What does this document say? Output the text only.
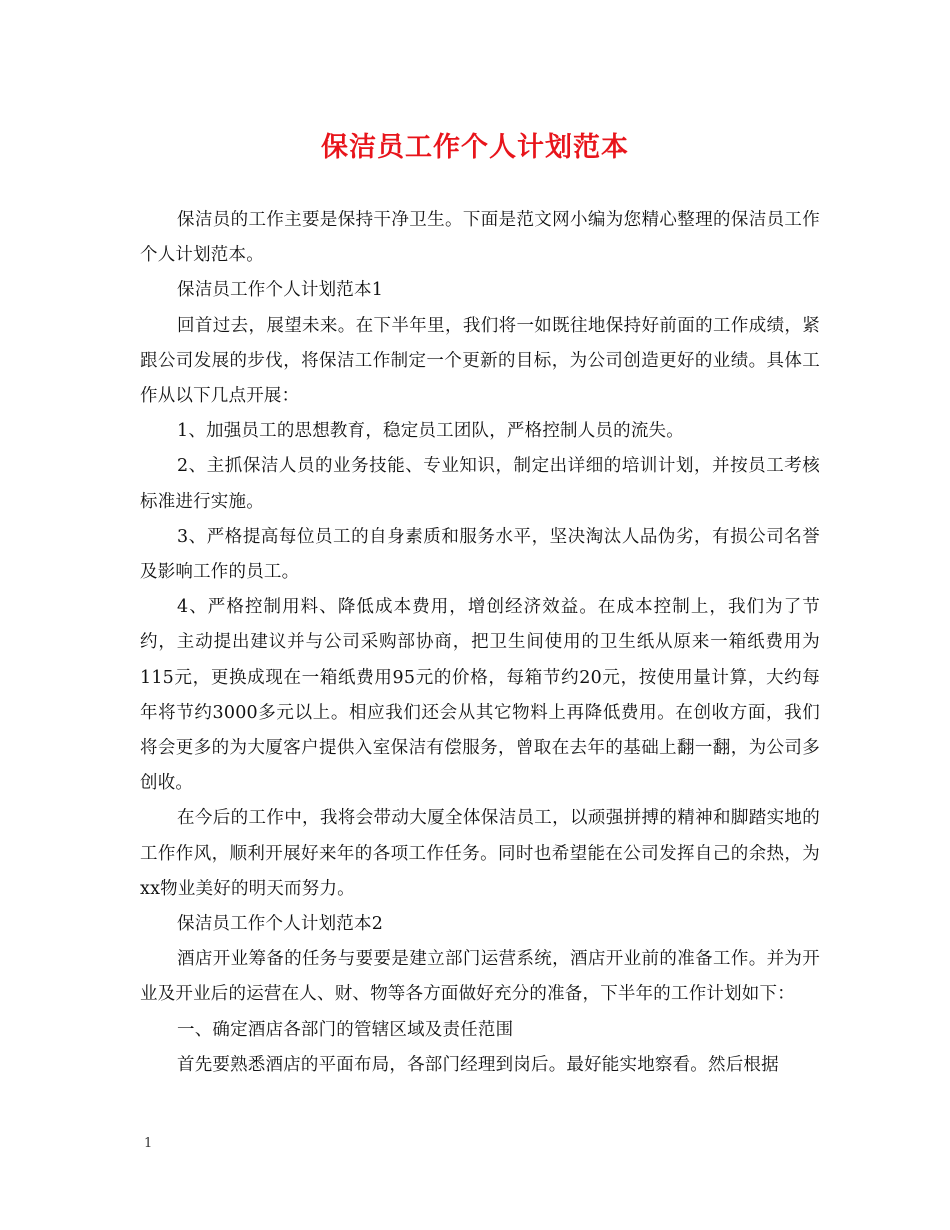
保洁员工作个人计划范本

保洁员的工作主要是保持干净卫生。下面是范文网小编为您精心整理的保洁员工作个人计划范本。

保洁员工作个人计划范本1

回首过去，展望未来。在下半年里，我们将一如既往地保持好前面的工作成绩，紧跟公司发展的步伐，将保洁工作制定一个更新的目标，为公司创造更好的业绩。具体工作从以下几点开展：

1、加强员工的思想教育，稳定员工团队，严格控制人员的流失。

2、主抓保洁人员的业务技能、专业知识，制定出详细的培训计划，并按员工考核标准进行实施。

3、严格提高每位员工的自身素质和服务水平，坚决淘汰人品伪劣，有损公司名誉及影响工作的员工。

4、严格控制用料、降低成本费用，增创经济效益。在成本控制上，我们为了节约，主动提出建议并与公司采购部协商，把卫生间使用的卫生纸从原来一箱纸费用为115元，更换成现在一箱纸费用95元的价格，每箱节约20元，按使用量计算，大约每年将节约3000多元以上。相应我们还会从其它物料上再降低费用。在创收方面，我们将会更多的为大厦客户提供入室保洁有偿服务，曾取在去年的基础上翻一翻，为公司多创收。

在今后的工作中，我将会带动大厦全体保洁员工，以顽强拼搏的精神和脚踏实地的工作作风，顺利开展好来年的各项工作任务。同时也希望能在公司发挥自己的余热，为xx物业美好的明天而努力。

保洁员工作个人计划范本2

酒店开业筹备的任务与要要是建立部门运营系统，酒店开业前的准备工作。并为开业及开业后的运营在人、财、物等各方面做好充分的准备，下半年的工作计划如下：

一、确定酒店各部门的管辖区域及责任范围

首先要熟悉酒店的平面布局，各部门经理到岗后。最好能实地察看。然后根据

1
